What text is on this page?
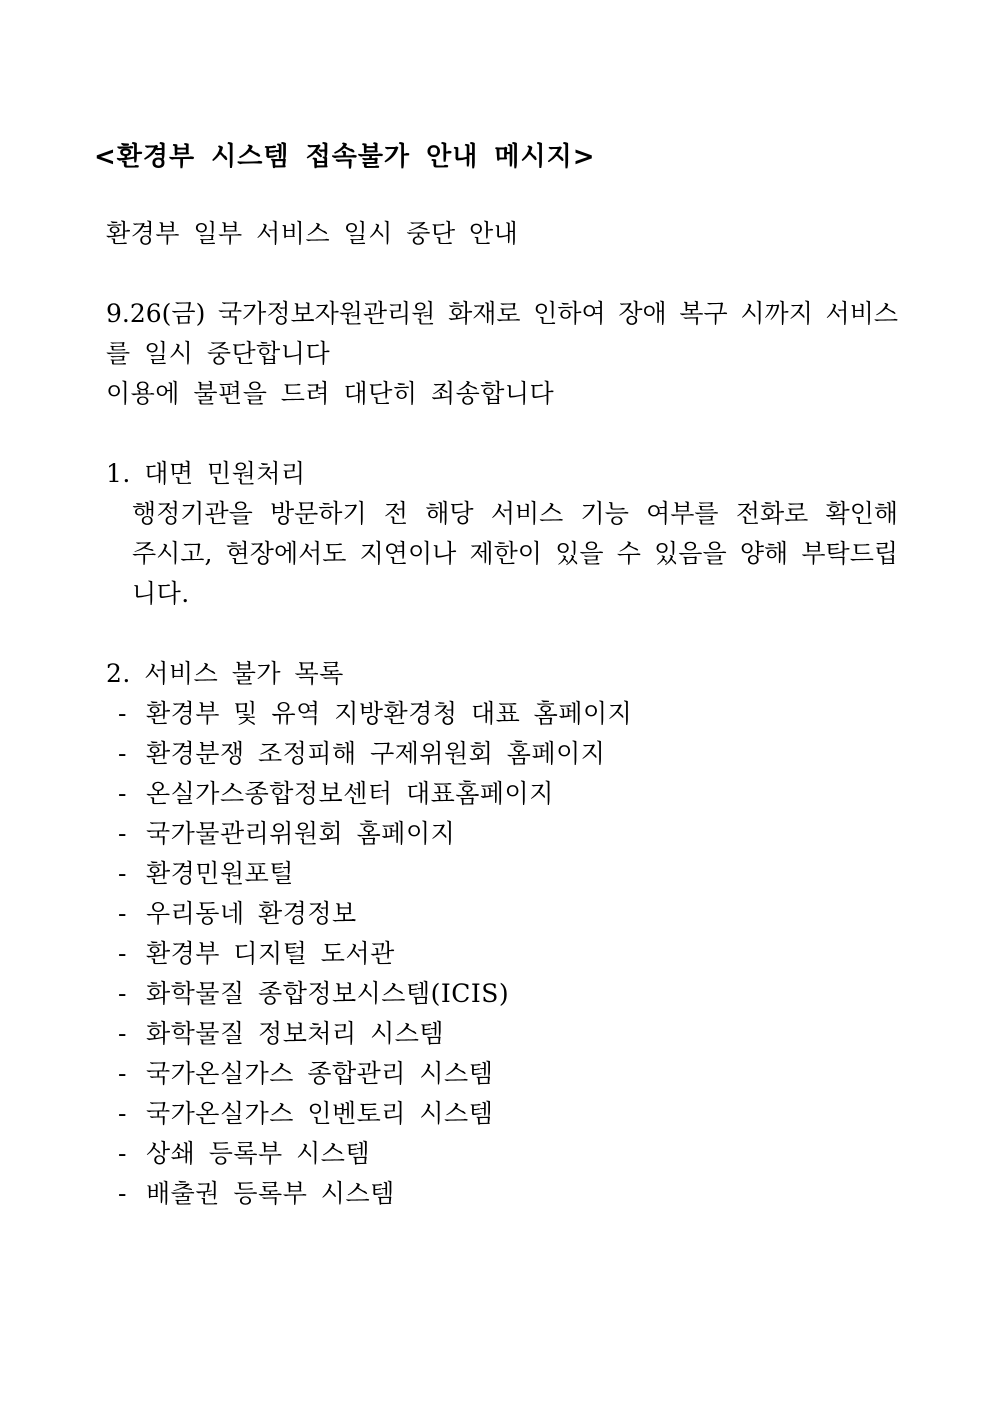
<환경부 시스템 접속불가 안내 메시지>
환경부 일부 서비스 일시 중단 안내
9.26(금) 국가정보자원관리원 화재로 인하여 장애 복구 시까지 서비스
를 일시 중단합니다
이용에 불편을 드려 대단히 죄송합니다
1. 대면 민원처리
행정기관을 방문하기 전 해당 서비스 기능 여부를 전화로 확인해
주시고, 현장에서도 지연이나 제한이 있을 수 있음을 양해 부탁드립
니다.
2. 서비스 불가 목록
- 환경부 및 유역 지방환경청 대표 홈페이지
- 환경분쟁 조정피해 구제위원회 홈페이지
- 온실가스종합정보센터 대표홈페이지
- 국가물관리위원회 홈페이지
- 환경민원포털
- 우리동네 환경정보
- 환경부 디지털 도서관
- 화학물질 종합정보시스템(ICIS)
- 화학물질 정보처리 시스템
- 국가온실가스 종합관리 시스템
- 국가온실가스 인벤토리 시스템
- 상쇄 등록부 시스템
- 배출권 등록부 시스템
